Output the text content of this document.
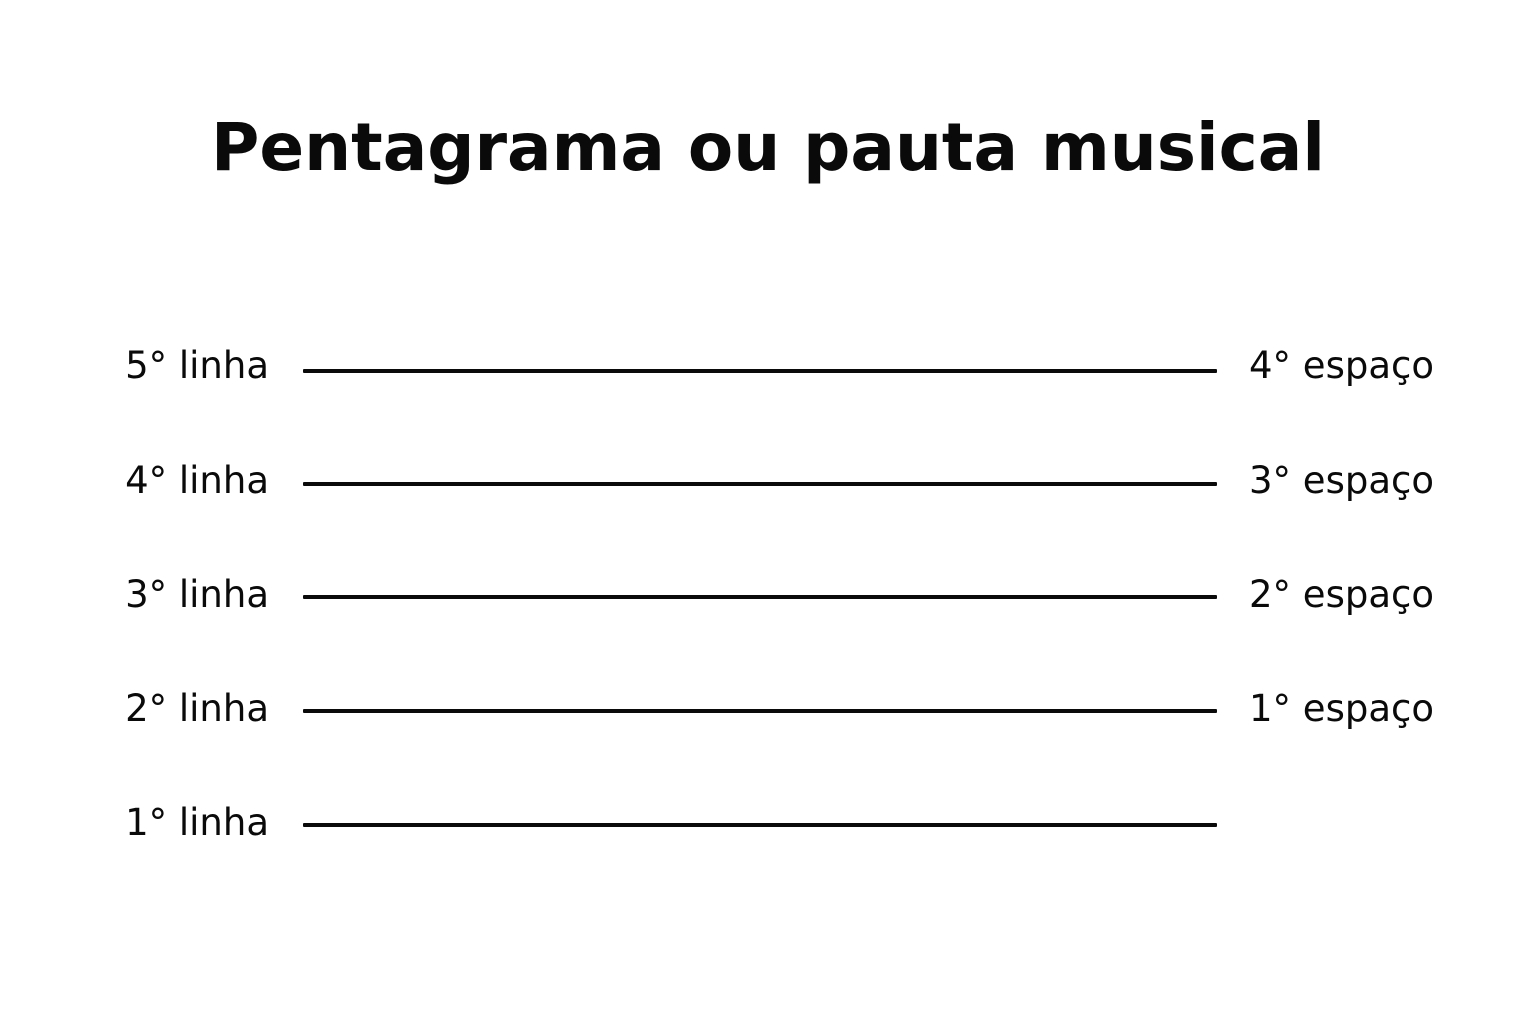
Pentagrama ou pauta musical
5° linha
4° linha
3° linha
2° linha
1° linha
4° espaço
3° espaço
2° espaço
1° espaço
